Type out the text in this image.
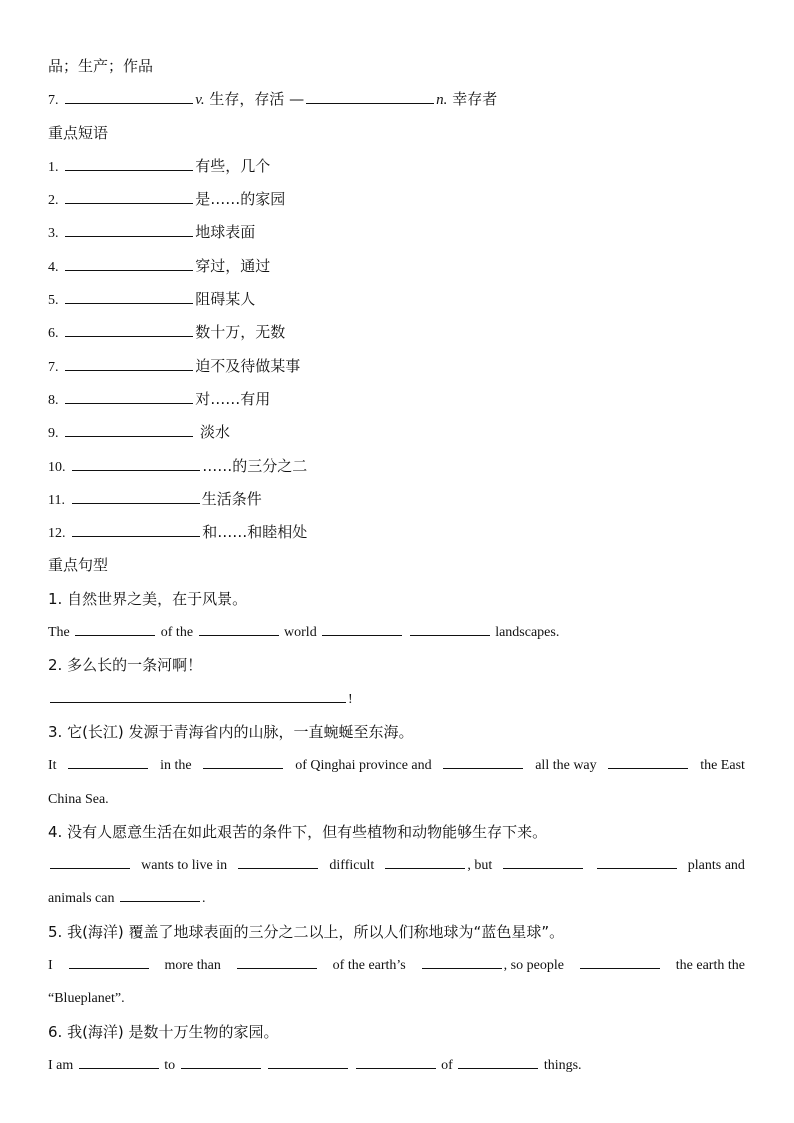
品；生产；作品
7.	v. 生存，存活 —	n. 幸存者
重点短语
1.	有些，几个
2.	是……的家园
3.	地球表面
4.	穿过，通过
5.	阻碍某人
6.	数十万，无数
7.	迫不及待做某事
8.	对……有用
9.	淡水
10.	……的三分之二
11.	生活条件
12.	和……和睦相处
重点句型
1. 自然世界之美，在于风景。
The	of the	world	landscapes.
2. 多么长的一条河啊！
!
3. 它(长江) 发源于青海省内的山脉，一直蜿蜒至东海。
It	in the	of Qinghai province and	all the way	the East
China Sea.
4. 没有人愿意生活在如此艰苦的条件下，但有些植物和动物能够生存下来。
wants to live in	difficult	, but	plants and
animals can	.
5. 我(海洋) 覆盖了地球表面的三分之二以上，所以人们称地球为“蓝色星球”。
I	more than	of the earth’s	, so people	the earth the
“Blueplanet”.
6. 我(海洋) 是数十万生物的家园。
I am	to	of	things.
